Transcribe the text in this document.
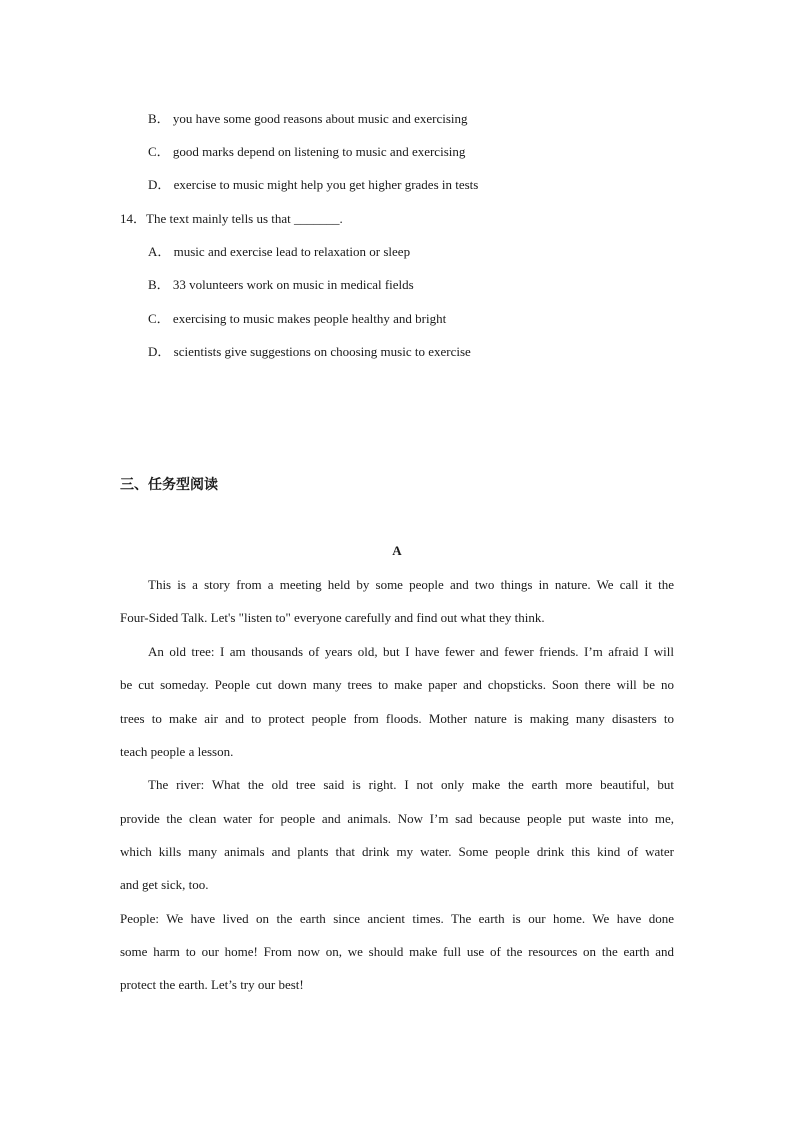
B． you have some good reasons about music and exercising
C． good marks depend on listening to music and exercising
D． exercise to music might help you get higher grades in tests
14．The text mainly tells us that _______.
A． music and exercise lead to relaxation or sleep
B． 33 volunteers work on music in medical fields
C． exercising to music makes people healthy and bright
D． scientists give suggestions on choosing music to exercise
三、任务型阅读
A
This is a story from a meeting held by some people and two things in nature. We call it the
Four-Sided Talk. Let's "listen to" everyone carefully and find out what they think.
An old tree: I am thousands of years old, but I have fewer and fewer friends. I’m afraid I will
be cut someday. People cut down many trees to make paper and chopsticks. Soon there will be no
trees to make air and to protect people from floods. Mother nature is making many disasters to
teach people a lesson.
The river: What the old tree said is right. I not only make the earth more beautiful, but
provide the clean water for people and animals. Now I’m sad because people put waste into me,
which kills many animals and plants that drink my water. Some people drink this kind of water
and get sick, too.
People: We have lived on the earth since ancient times. The earth is our home. We have done
some harm to our home! From now on, we should make full use of the resources on the earth and
protect the earth. Let’s try our best!
